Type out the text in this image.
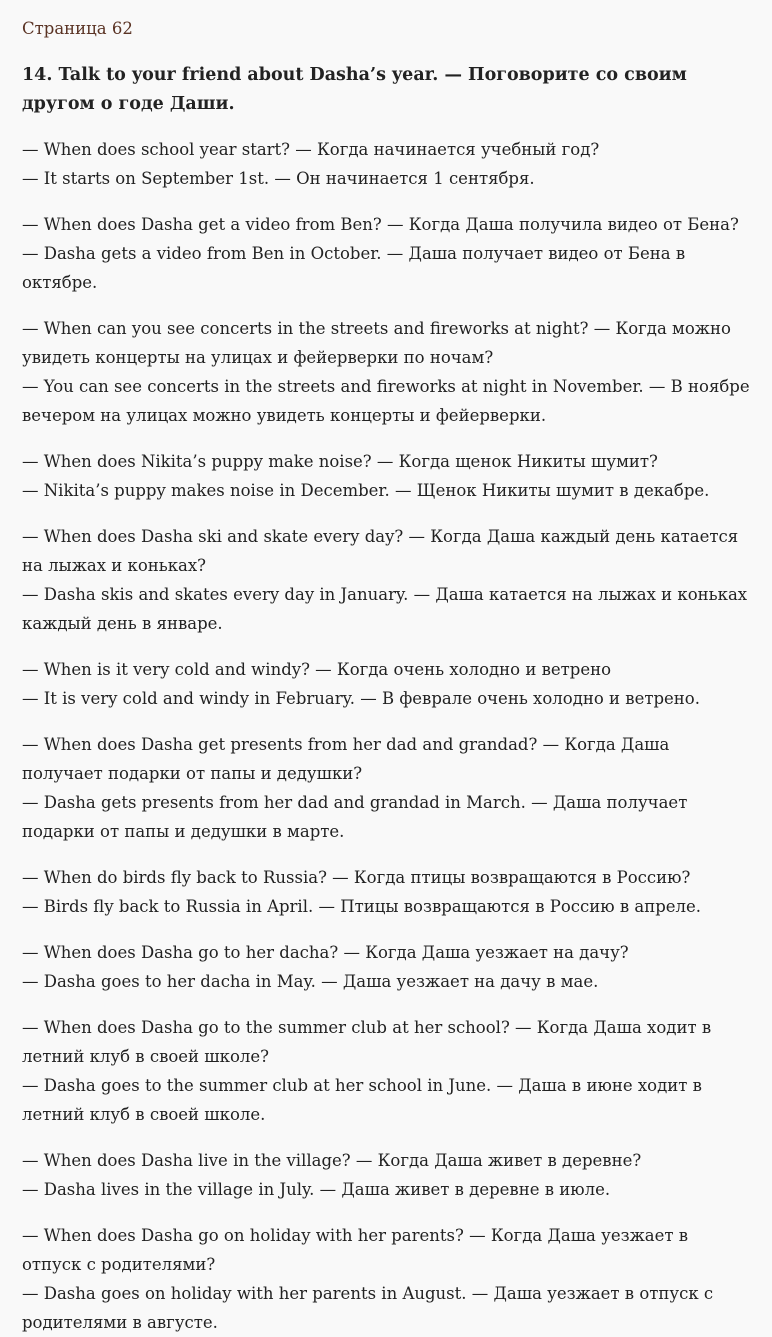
Страница 62

14. Talk to your friend about Dasha’s year. — Поговорите со своим другом о годе Даши.

— When does school year start? — Когда начинается учебный год?

— It starts on September 1st. — Он начинается 1 сентября.

— When does Dasha get a video from Ben? — Когда Даша получила видео от Бена?

— Dasha gets a video from Ben in October. — Даша получает видео от Бена в октябре.

— When can you see concerts in the streets and fireworks at night? — Когда можно увидеть концерты на улицах и фейерверки по ночам?

— You can see concerts in the streets and fireworks at night in November. — В ноябре вечером на улицах можно увидеть концерты и фейерверки.

— When does Nikita’s puppy make noise? — Когда щенок Никиты шумит?

— Nikita’s puppy makes noise in December. — Щенок Никиты шумит в декабре.

— When does Dasha ski and skate every day? — Когда Даша каждый день катается на лыжах и коньках?

— Dasha skis and skates every day in January. — Даша катается на лыжах и коньках каждый день в январе.

— When is it very cold and windy? — Когда очень холодно и ветрено

— It is very cold and windy in February. — В феврале очень холодно и ветрено.

— When does Dasha get presents from her dad and grandad? — Когда Даша получает подарки от папы и дедушки?

— Dasha gets presents from her dad and grandad in March. — Даша получает подарки от папы и дедушки в марте.

— When do birds fly back to Russia? — Когда птицы возвращаются в Россию?

— Birds fly back to Russia in April. — Птицы возвращаются в Россию в апреле.

— When does Dasha go to her dacha? — Когда Даша уезжает на дачу?

— Dasha goes to her dacha in May. — Даша уезжает на дачу в мае.

— When does Dasha go to the summer club at her school? — Когда Даша ходит в летний клуб в своей школе?

— Dasha goes to the summer club at her school in June. — Даша в июне ходит в летний клуб в своей школе.

— When does Dasha live in the village? — Когда Даша живет в деревне?

— Dasha lives in the village in July. — Даша живет в деревне в июле.

— When does Dasha go on holiday with her parents? — Когда Даша уезжает в отпуск с родителями?

— Dasha goes on holiday with her parents in August. — Даша уезжает в отпуск с родителями в августе.
